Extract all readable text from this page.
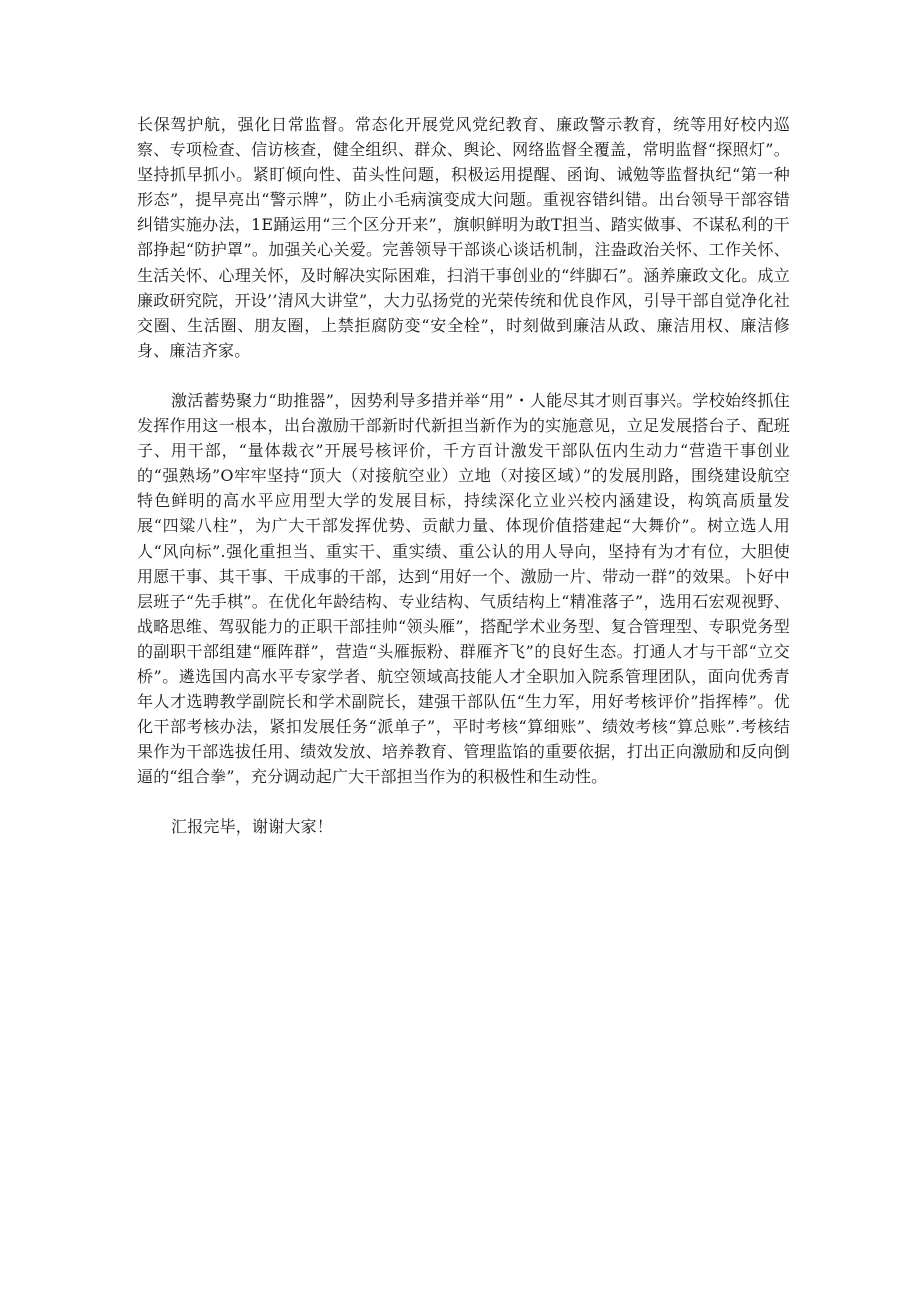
长保驾护航，强化日常监督。常态化开展党风党纪教育、廉政警示教育，统等用好校内巡察、专项检查、信访核查，健全组织、群众、舆论、网络监督全覆盖，常明监督“探照灯”。坚持抓早抓小。紧盯倾向性、苗头性问题，积极运用提醒、函询、诫勉等监督执纪“第一种形态”，提早亮出“警示牌”，防止小毛病演变成大问题。重视容错纠错。出台领导干部容错纠错实施办法，1E踊运用“三个区分开来”，旗帜鲜明为敢T担当、踏实做事、不谋私利的干部挣起“防护罩”。加强关心关爱。完善领导干部谈心谈话机制，注盎政治关怀、工作关怀、生活关怀、心理关怀，及时解决实际困难，扫消干事创业的“绊脚石”。涵养廉政文化。成立廉政研究院，开设’’清风大讲堂”，大力弘扬党的光荣传统和优良作风，引导干部自觉净化社交圈、生活圈、朋友圈，上禁拒腐防变“安全栓”，时刻做到廉洁从政、廉洁用权、廉洁修身、廉洁齐家。

激活蓄势聚力“助推器”，因势利导多措并举“用”・人能尽其才则百事兴。学校始终抓住发挥作用这一根本，出台激励干部新时代新担当新作为的实施意见，立足发展搭台子、配班子、用干部，“量体裁衣”开展号核评价，千方百计激发干部队伍内生动力“营造干事创业的“强熟场”O牢牢坚持“顶大（对接航空业）立地（对接区域）”的发展刖路，围绕建设航空特色鲜明的高水平应用型大学的发展目标，持续深化立业兴校内涵建设，构筑高质量发展“四粱八柱”，为广大干部发挥优势、贡献力量、体现价值搭建起“大舞价”。树立选人用人“风向标”.强化重担当、重实干、重实绩、重公认的用人导向，坚持有为才有位，大胆使用愿干事、其干事、干成事的干部，达到“用好一个、激励一片、带动一群”的效果。卜好中层班子“先手棋”。在优化年龄结构、专业结构、气质结构上“精准落子”，选用石宏观视野、战略思维、驾驭能力的正职干部挂帅“领头雁”，搭配学术业务型、复合管理型、专职党务型的副职干部组建“雁阵群”，营造“头雁振粉、群雁齐飞”的良好生态。打通人才与干部“立交桥”。遴选国内高水平专家学者、航空领域高技能人才全职加入院系管理团队，面向优秀青年人才选聘教学副院长和学术副院长，建强干部队伍“生力军，用好考核评价”指挥棒”。优化干部考核办法，紧扣发展任务“派单子”，平时考核“算细账”、绩效考核“算总账”.考核结果作为干部选拔任用、绩效发放、培养教育、管理监馅的重要依据，打出正向激励和反向倒逼的“组合拳”，充分调动起广大干部担当作为的积极性和生动性。

汇报完毕，谢谢大家！
